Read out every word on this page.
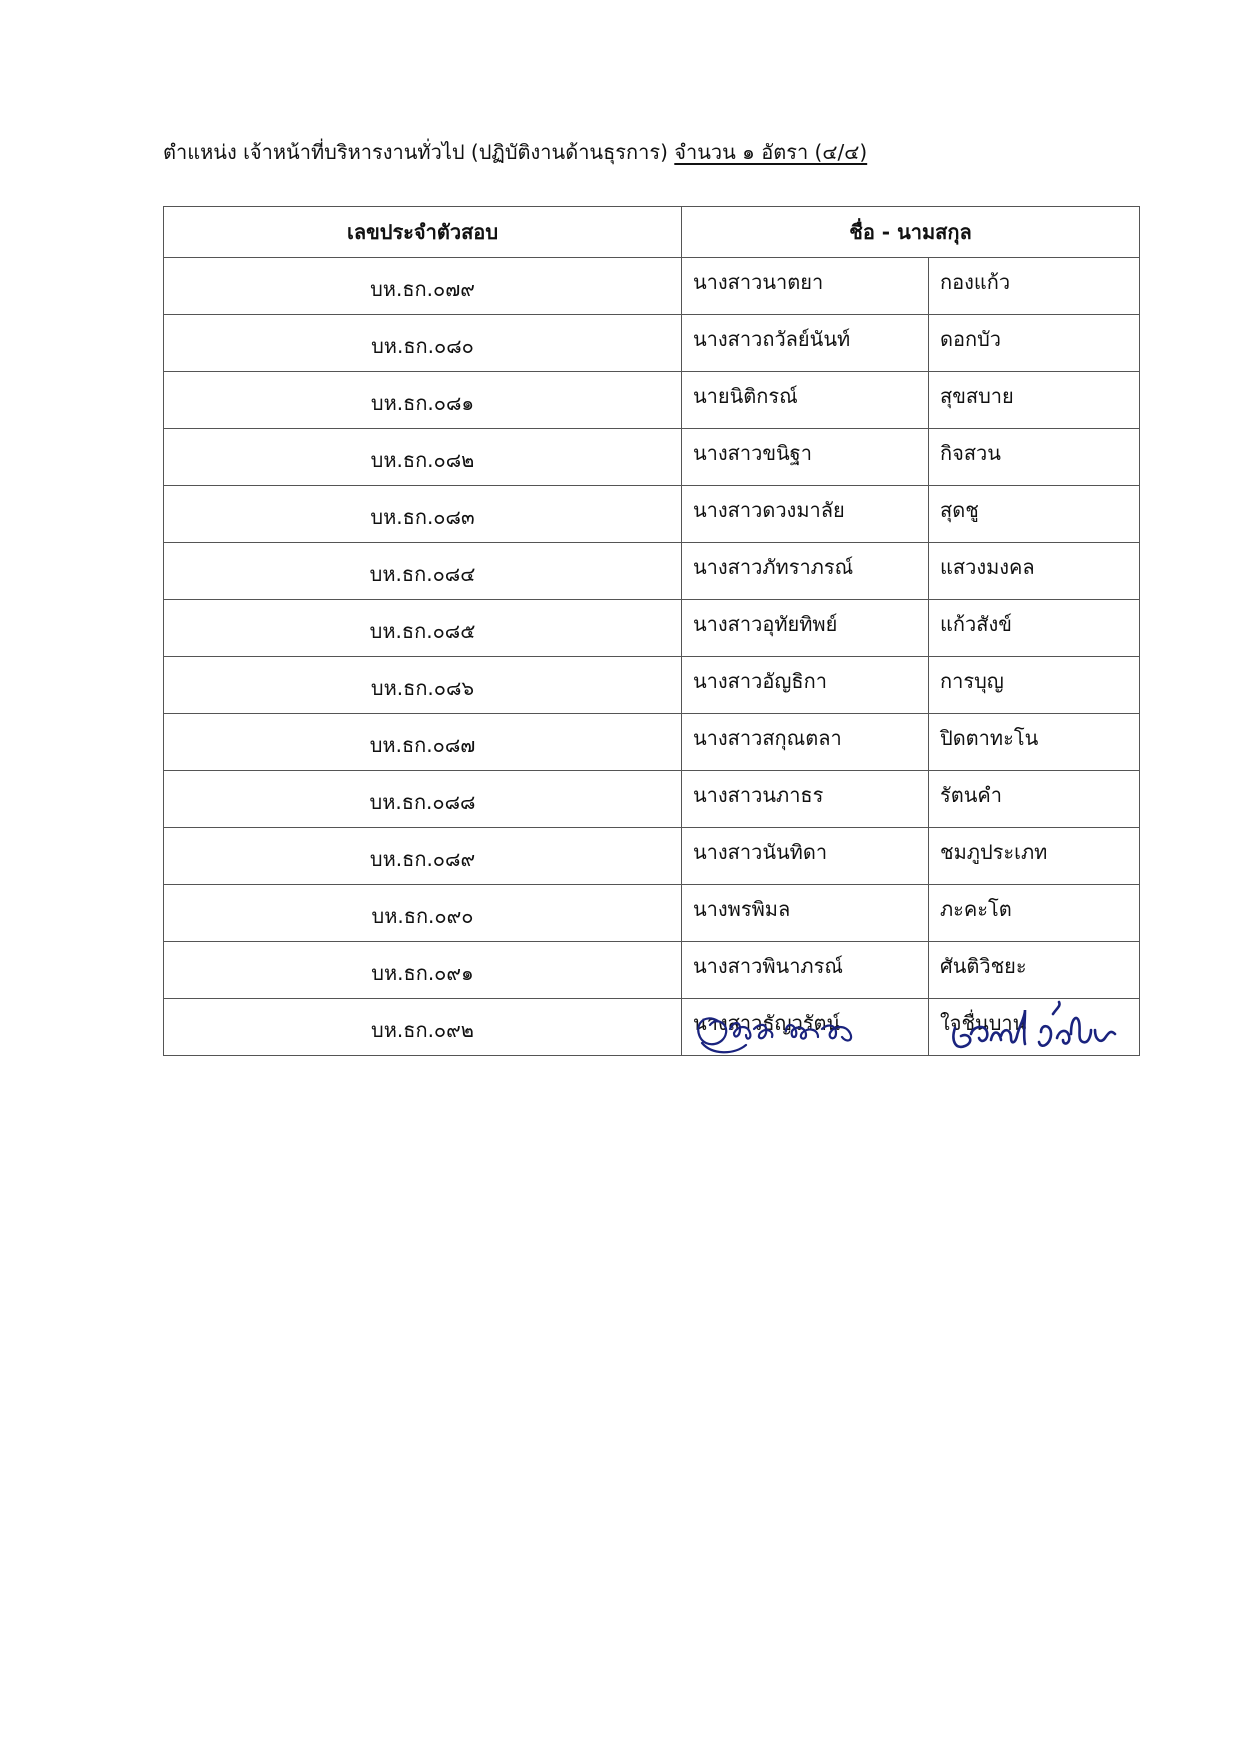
ตำแหน่ง เจ้าหน้าที่บริหารงานทั่วไป (ปฏิบัติงานด้านธุรการ) จำนวน ๑ อัตรา (๔/๔)
เลขประจำตัวสอบ	ชื่อ - นามสกุล	
บห.ธก.๐๗๙	นางสาวนาตยา	กองแก้ว
บห.ธก.๐๘๐	นางสาวถวัลย์นันท์	ดอกบัว
บห.ธก.๐๘๑	นายนิติกรณ์	สุขสบาย
บห.ธก.๐๘๒	นางสาวขนิฐา	กิจสวน
บห.ธก.๐๘๓	นางสาวดวงมาลัย	สุดชู
บห.ธก.๐๘๔	นางสาวภัทราภรณ์	แสวงมงคล
บห.ธก.๐๘๕	นางสาวอุทัยทิพย์	แก้วสังข์
บห.ธก.๐๘๖	นางสาวอัญธิกา	การบุญ
บห.ธก.๐๘๗	นางสาวสกุณตลา	ปิดตาทะโน
บห.ธก.๐๘๘	นางสาวนภาธร	รัตนคำ
บห.ธก.๐๘๙	นางสาวนันทิดา	ชมภูประเภท
บห.ธก.๐๙๐	นางพรพิมล	ภะคะโต
บห.ธก.๐๙๑	นางสาวพินาภรณ์	ศันติวิชยะ
บห.ธก.๐๙๒	นางสาวธัญวรัตน์	ใจชื่นบาน
